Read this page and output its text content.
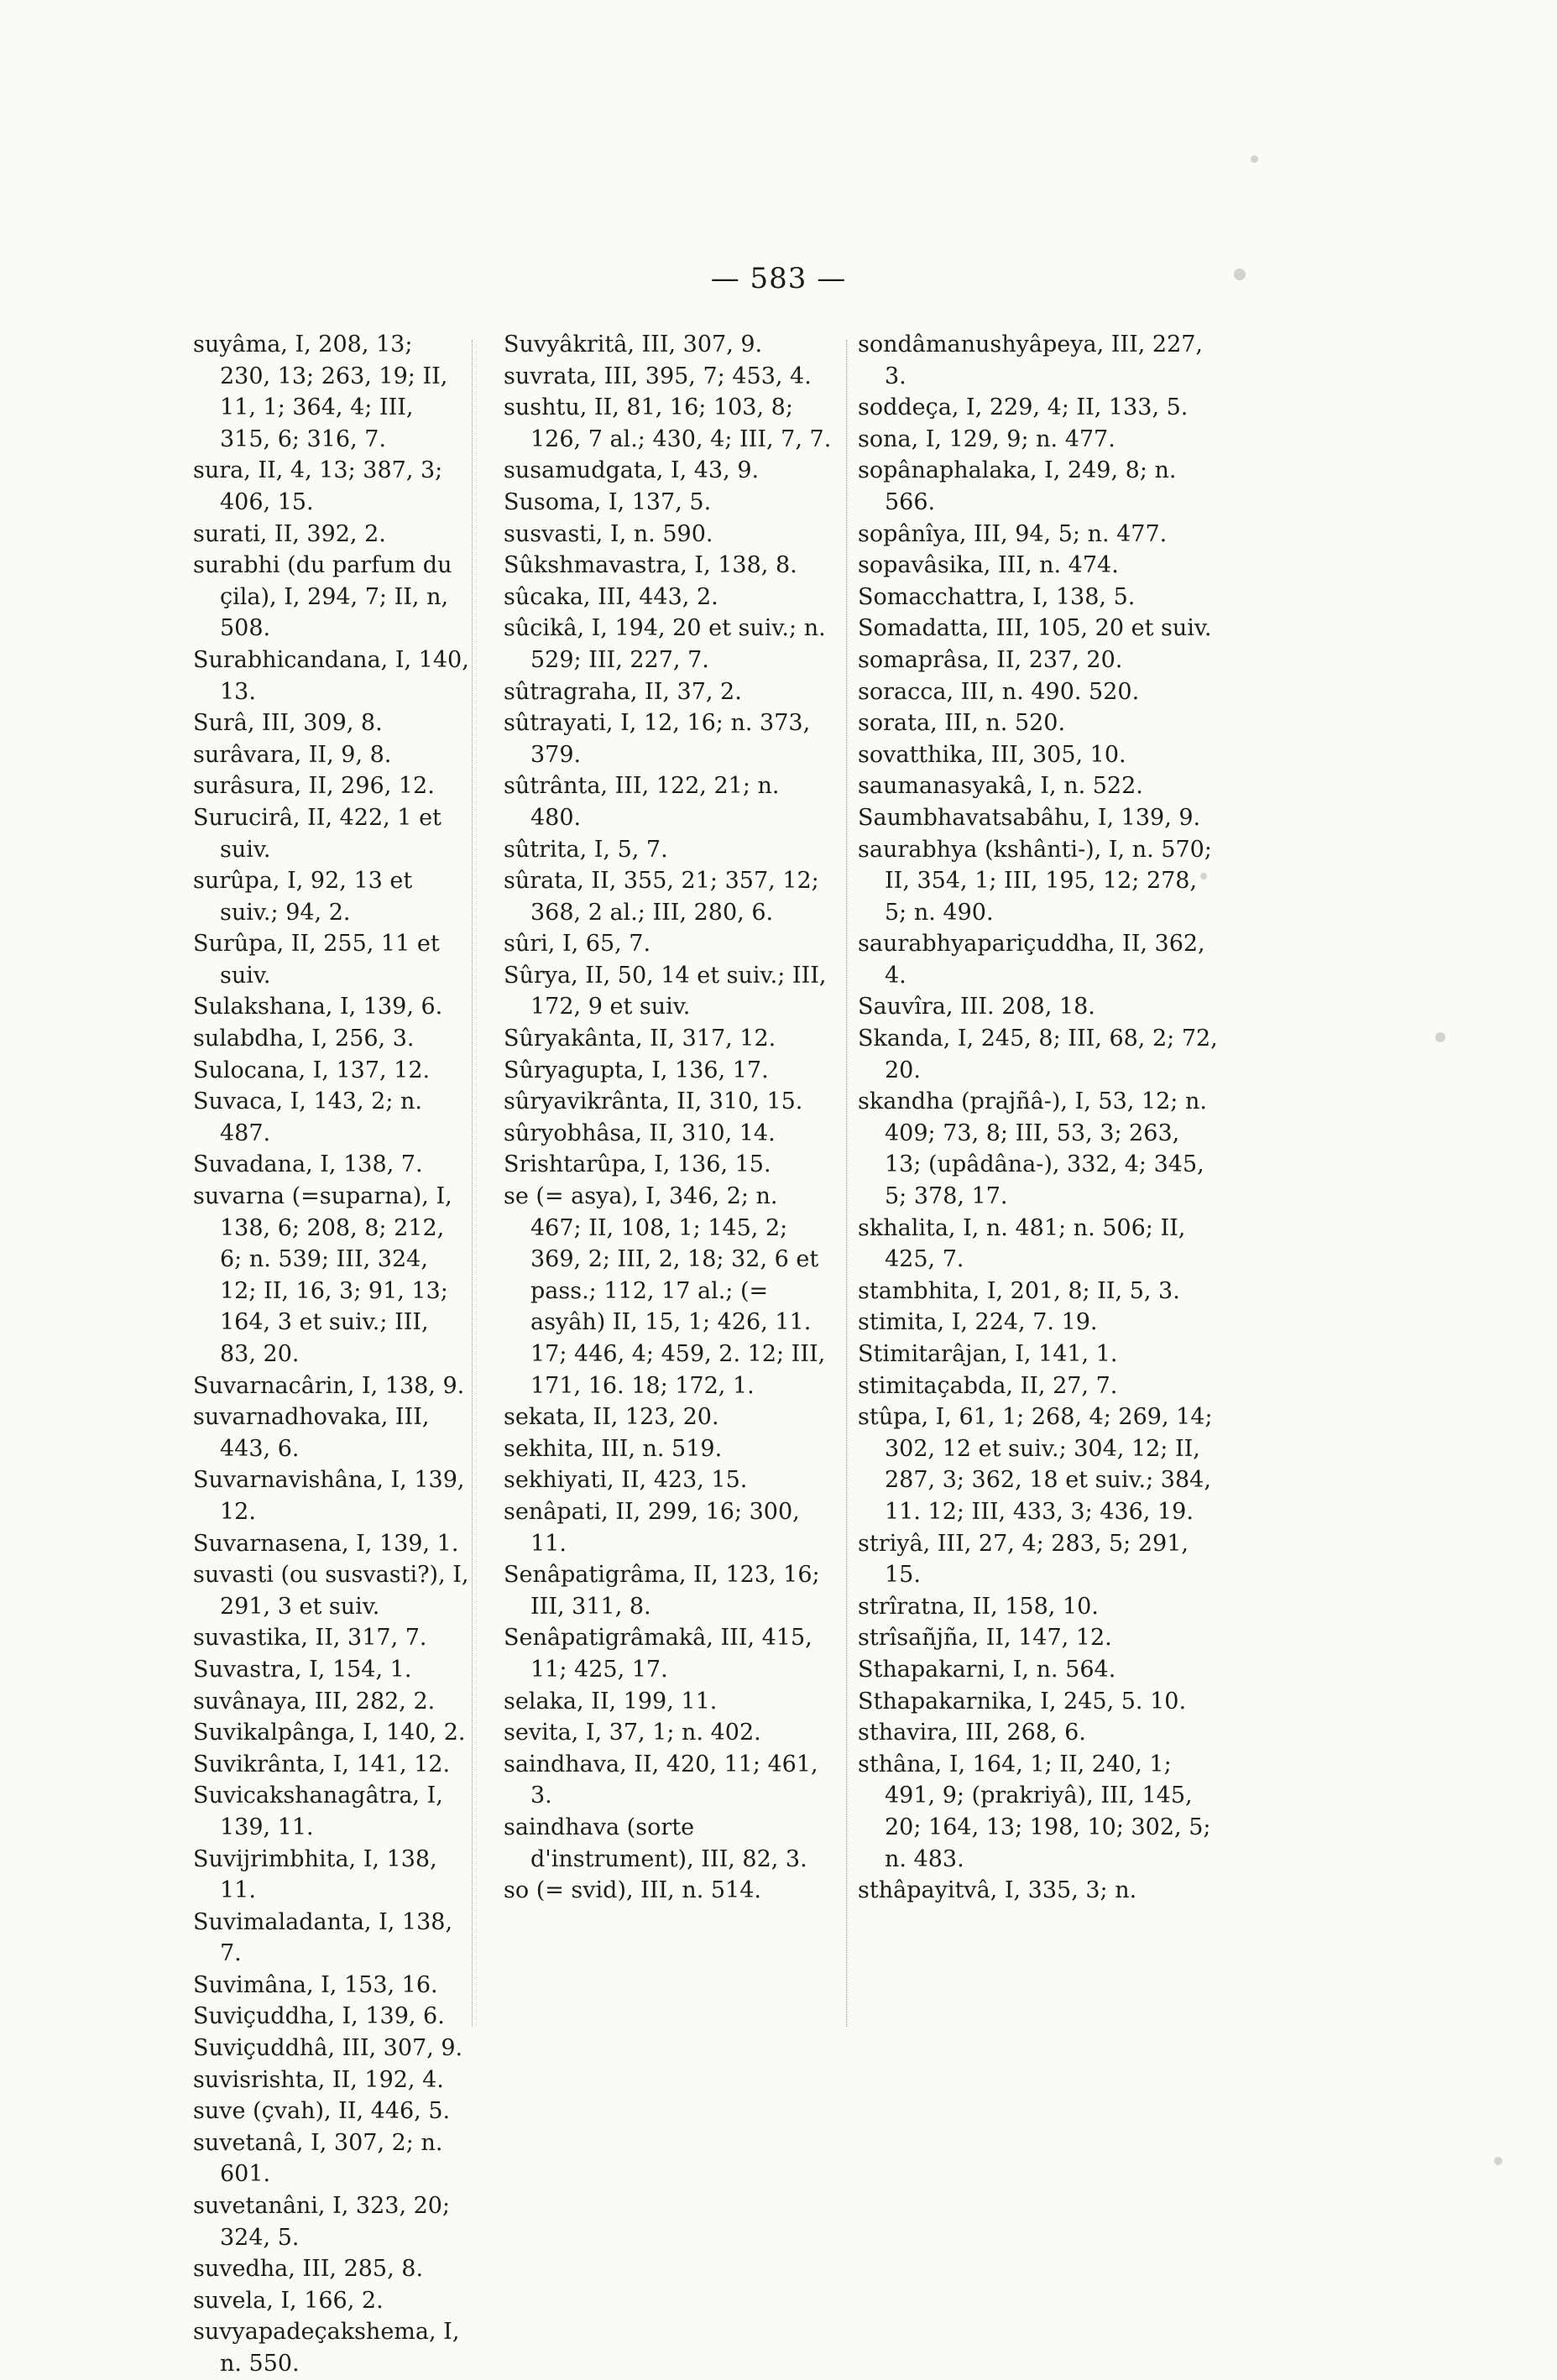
— 583 —
suyâma, I, 208, 13; 230, 13; 263, 19; II, 11, 1; 364, 4; III, 315, 6; 316, 7.
sura, II, 4, 13; 387, 3; 406, 15.
surati, II, 392, 2.
surabhi (du parfum du çila), I, 294, 7; II, n, 508.
Surabhicandana, I, 140, 13.
Surâ, III, 309, 8.
surâvara, II, 9, 8.
surâsura, II, 296, 12.
Surucirâ, II, 422, 1 et suiv.
surûpa, I, 92, 13 et suiv.; 94, 2.
Surûpa, II, 255, 11 et suiv.
Sulakshana, I, 139, 6.
sulabdha, I, 256, 3.
Sulocana, I, 137, 12.
Suvaca, I, 143, 2; n. 487.
Suvadana, I, 138, 7.
suvarna (=suparna), I, 138, 6; 208, 8; 212, 6; n. 539; III, 324, 12; II, 16, 3; 91, 13; 164, 3 et suiv.; III, 83, 20.
Suvarnacârin, I, 138, 9.
suvarnadhovaka, III, 443, 6.
Suvarnavishâna, I, 139, 12.
Suvarnasena, I, 139, 1.
suvasti (ou susvasti?), I, 291, 3 et suiv.
suvastika, II, 317, 7.
Suvastra, I, 154, 1.
suvânaya, III, 282, 2.
Suvikalpânga, I, 140, 2.
Suvikrânta, I, 141, 12.
Suvicakshanagâtra, I, 139, 11.
Suvijrimbhita, I, 138, 11.
Suvimaladanta, I, 138, 7.
Suvimâna, I, 153, 16.
Suviçuddha, I, 139, 6.
Suviçuddhâ, III, 307, 9.
suvisrishta, II, 192, 4.
suve (çvah), II, 446, 5.
suvetanâ, I, 307, 2; n. 601.
suvetanâni, I, 323, 20; 324, 5.
suvedha, III, 285, 8.
suvela, I, 166, 2.
suvyapadeçakshema, I, n. 550.
Suvyâkritâ, III, 307, 9.
suvrata, III, 395, 7; 453, 4.
sushtu, II, 81, 16; 103, 8; 126, 7 al.; 430, 4; III, 7, 7.
susamudgata, I, 43, 9.
Susoma, I, 137, 5.
susvasti, I, n. 590.
Sûkshmavastra, I, 138, 8.
sûcaka, III, 443, 2.
sûcikâ, I, 194, 20 et suiv.; n. 529; III, 227, 7.
sûtragraha, II, 37, 2.
sûtrayati, I, 12, 16; n. 373, 379.
sûtrânta, III, 122, 21; n. 480.
sûtrita, I, 5, 7.
sûrata, II, 355, 21; 357, 12; 368, 2 al.; III, 280, 6.
sûri, I, 65, 7.
Sûrya, II, 50, 14 et suiv.; III, 172, 9 et suiv.
Sûryakânta, II, 317, 12.
Sûryagupta, I, 136, 17.
sûryavikrânta, II, 310, 15.
sûryobhâsa, II, 310, 14.
Srishtarûpa, I, 136, 15.
se (= asya), I, 346, 2; n. 467; II, 108, 1; 145, 2; 369, 2; III, 2, 18; 32, 6 et pass.; 112, 17 al.; (= asyâh) II, 15, 1; 426, 11. 17; 446, 4; 459, 2. 12; III, 171, 16. 18; 172, 1.
sekata, II, 123, 20.
sekhita, III, n. 519.
sekhiyati, II, 423, 15.
senâpati, II, 299, 16; 300, 11.
Senâpatigrâma, II, 123, 16; III, 311, 8.
Senâpatigrâmakâ, III, 415, 11; 425, 17.
selaka, II, 199, 11.
sevita, I, 37, 1; n. 402.
saindhava, II, 420, 11; 461, 3.
saindhava (sorte d'instrument), III, 82, 3.
so (= svid), III, n. 514.
sondâmanushyâpeya, III, 227, 3.
soddeça, I, 229, 4; II, 133, 5.
sona, I, 129, 9; n. 477.
sopânaphalaka, I, 249, 8; n. 566.
sopânîya, III, 94, 5; n. 477.
sopavâsika, III, n. 474.
Somacchattra, I, 138, 5.
Somadatta, III, 105, 20 et suiv.
somaprâsa, II, 237, 20.
soracca, III, n. 490. 520.
sorata, III, n. 520.
sovatthika, III, 305, 10.
saumanasyakâ, I, n. 522.
Saumbhavatsabâhu, I, 139, 9.
saurabhya (kshânti-), I, n. 570; II, 354, 1; III, 195, 12; 278, 5; n. 490.
saurabhyapariçuddha, II, 362, 4.
Sauvîra, III. 208, 18.
Skanda, I, 245, 8; III, 68, 2; 72, 20.
skandha (prajñâ-), I, 53, 12; n. 409; 73, 8; III, 53, 3; 263, 13; (upâdâna-), 332, 4; 345, 5; 378, 17.
skhalita, I, n. 481; n. 506; II, 425, 7.
stambhita, I, 201, 8; II, 5, 3.
stimita, I, 224, 7. 19.
Stimitarâjan, I, 141, 1.
stimitaçabda, II, 27, 7.
stûpa, I, 61, 1; 268, 4; 269, 14; 302, 12 et suiv.; 304, 12; II, 287, 3; 362, 18 et suiv.; 384, 11. 12; III, 433, 3; 436, 19.
striyâ, III, 27, 4; 283, 5; 291, 15.
strîratna, II, 158, 10.
strîsañjña, II, 147, 12.
Sthapakarni, I, n. 564.
Sthapakarnika, I, 245, 5. 10.
sthavira, III, 268, 6.
sthâna, I, 164, 1; II, 240, 1; 491, 9; (prakriyâ), III, 145, 20; 164, 13; 198, 10; 302, 5; n. 483.
sthâpayitvâ, I, 335, 3; n.
